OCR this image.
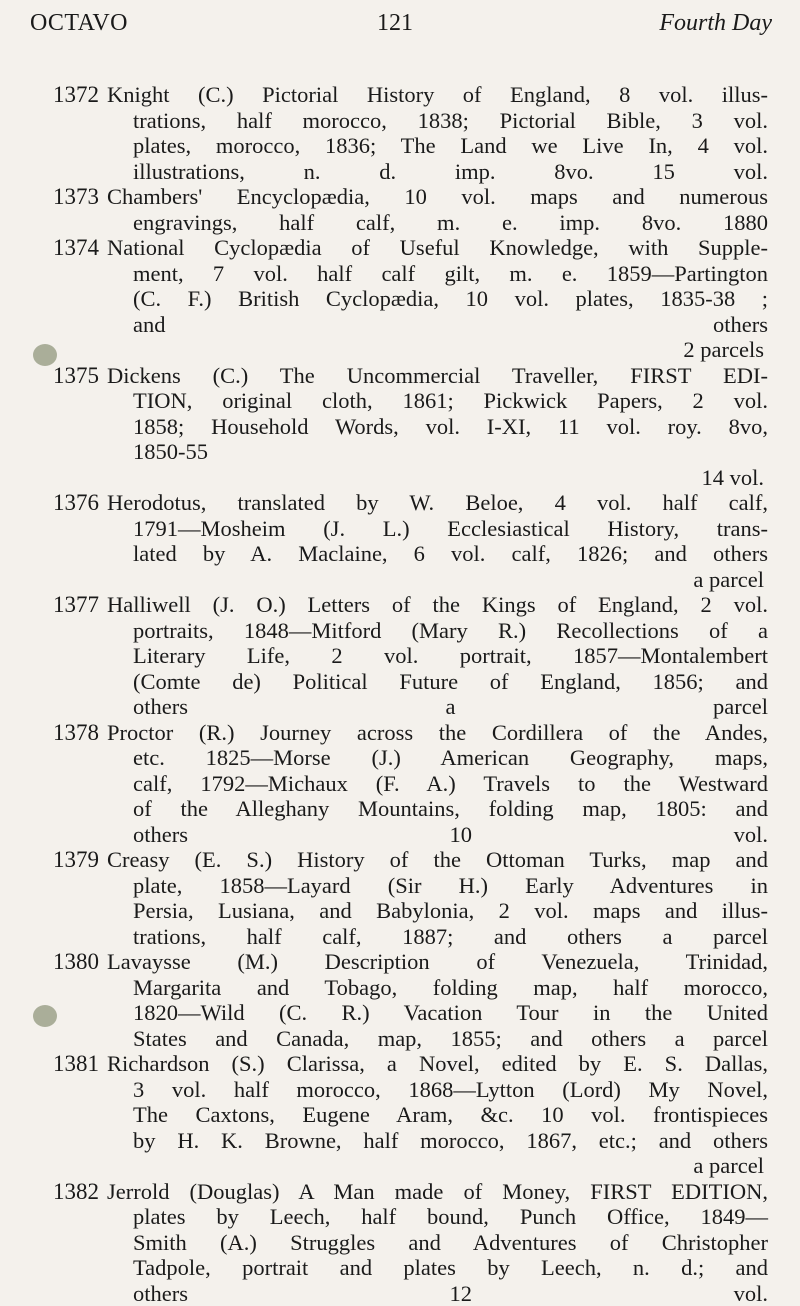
OCTAVO	121	Fourth Day
1372 Knight (C.) Pictorial History of England, 8 vol. illus-
trations, half morocco, 1838; Pictorial Bible, 3 vol.
plates, morocco, 1836; The Land we Live In, 4 vol.
illustrations, n. d. imp. 8vo. 15 vol.
1373 Chambers' Encyclopædia, 10 vol. maps and numerous
engravings, half calf, m. e. imp. 8vo. 1880
1374 National Cyclopædia of Useful Knowledge, with Supple-
ment, 7 vol. half calf gilt, m. e. 1859—Partington
(C. F.) British Cyclopædia, 10 vol. plates, 1835-38 ;
and others
2 parcels
1375 Dickens (C.) The Uncommercial Traveller, FIRST EDI-
TION, original cloth, 1861; Pickwick Papers, 2 vol.
1858; Household Words, vol. I-XI, 11 vol. roy. 8vo,
1850-55
14 vol.
1376 Herodotus, translated by W. Beloe, 4 vol. half calf,
1791—Mosheim (J. L.) Ecclesiastical History, trans-
lated by A. Maclaine, 6 vol. calf, 1826; and others
a parcel
1377 Halliwell (J. O.) Letters of the Kings of England, 2 vol.
portraits, 1848—Mitford (Mary R.) Recollections of a
Literary Life, 2 vol. portrait, 1857—Montalembert
(Comte de) Political Future of England, 1856; and
others a parcel
1378 Proctor (R.) Journey across the Cordillera of the Andes,
etc. 1825—Morse (J.) American Geography, maps,
calf, 1792—Michaux (F. A.) Travels to the Westward
of the Alleghany Mountains, folding map, 1805: and
others 10 vol.
1379 Creasy (E. S.) History of the Ottoman Turks, map and
plate, 1858—Layard (Sir H.) Early Adventures in
Persia, Lusiana, and Babylonia, 2 vol. maps and illus-
trations, half calf, 1887; and others a parcel
1380 Lavaysse (M.) Description of Venezuela, Trinidad,
Margarita and Tobago, folding map, half morocco,
1820—Wild (C. R.) Vacation Tour in the United
States and Canada, map, 1855; and others a parcel
1381 Richardson (S.) Clarissa, a Novel, edited by E. S. Dallas,
3 vol. half morocco, 1868—Lytton (Lord) My Novel,
The Caxtons, Eugene Aram, &c. 10 vol. frontispieces
by H. K. Browne, half morocco, 1867, etc.; and others
a parcel
1382 Jerrold (Douglas) A Man made of Money, FIRST EDITION,
plates by Leech, half bound, Punch Office, 1849—
Smith (A.) Struggles and Adventures of Christopher
Tadpole, portrait and plates by Leech, n. d.; and
others 12 vol.
